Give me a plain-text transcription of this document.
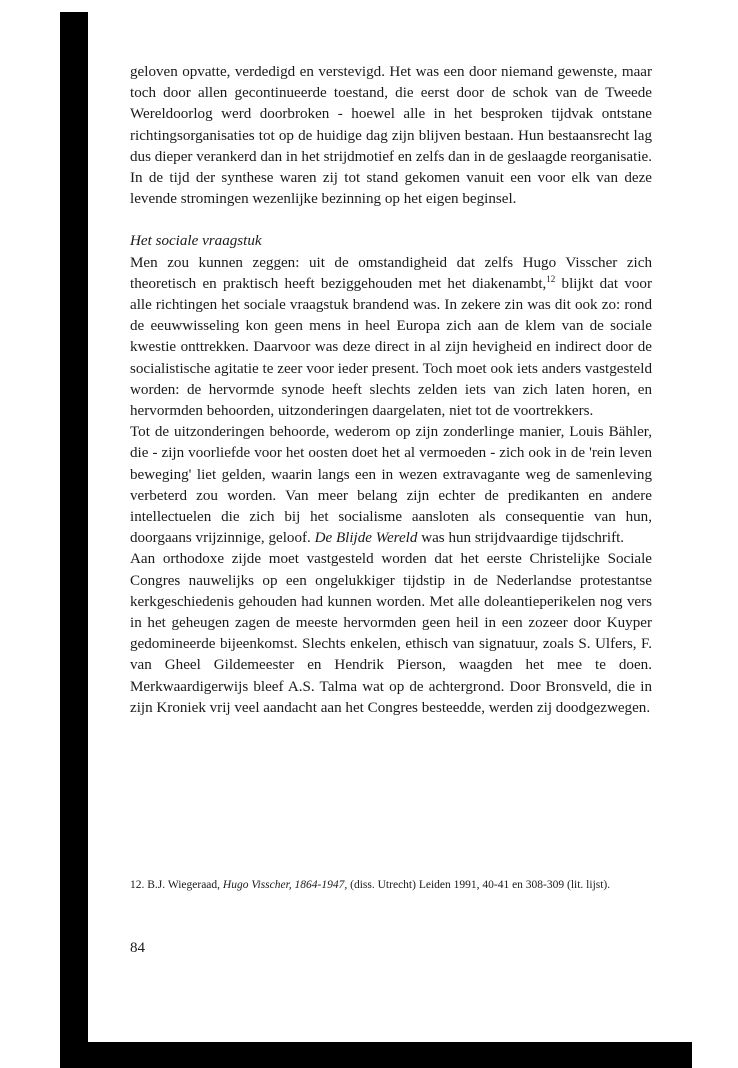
geloven opvatte, verdedigd en verstevigd. Het was een door niemand gewenste, maar toch door allen gecontinueerde toestand, die eerst door de schok van de Tweede Wereldoorlog werd doorbroken - hoewel alle in het besproken tijdvak ontstane richtingsorganisaties tot op de huidige dag zijn blijven bestaan. Hun bestaansrecht lag dus dieper verankerd dan in het strijdmotief en zelfs dan in de geslaagde reorganisatie. In de tijd der synthese waren zij tot stand gekomen vanuit een voor elk van deze levende stromingen wezenlijke bezinning op het eigen beginsel.

Het sociale vraagstuk

Men zou kunnen zeggen: uit de omstandigheid dat zelfs Hugo Visscher zich theoretisch en praktisch heeft beziggehouden met het diakenambt,$^{12}$ blijkt dat voor alle richtingen het sociale vraagstuk brandend was. In zekere zin was dit ook zo: rond de eeuwwisseling kon geen mens in heel Europa zich aan de klem van de sociale kwestie onttrekken. Daarvoor was deze direct in al zijn hevigheid en indirect door de socialistische agitatie te zeer voor ieder present. Toch moet ook iets anders vastgesteld worden: de hervormde synode heeft slechts zelden iets van zich laten horen, en hervormden behoorden, uitzonderingen daargelaten, niet tot de voortrekkers.

Tot de uitzonderingen behoorde, wederom op zijn zonderlinge manier, Louis Bähler, die - zijn voorliefde voor het oosten doet het al vermoeden - zich ook in de 'rein leven beweging' liet gelden, waarin langs een in wezen extravagante weg de samenleving verbeterd zou worden. Van meer belang zijn echter de predikanten en andere intellectuelen die zich bij het socialisme aansloten als consequentie van hun, doorgaans vrijzinnige, geloof. De Blijde Wereld was hun strijdvaardige tijdschrift.

Aan orthodoxe zijde moet vastgesteld worden dat het eerste Christelijke Sociale Congres nauwelijks op een ongelukkiger tijdstip in de Nederlandse protestantse kerkgeschiedenis gehouden had kunnen worden. Met alle doleantieperikelen nog vers in het geheugen zagen de meeste hervormden geen heil in een zozeer door Kuyper gedomineerde bijeenkomst. Slechts enkelen, ethisch van signatuur, zoals S. Ulfers, F. van Gheel Gildemeester en Hendrik Pierson, waagden het mee te doen. Merkwaardigerwijs bleef A.S. Talma wat op de achtergrond. Door Bronsveld, die in zijn Kroniek vrij veel aandacht aan het Congres besteedde, werden zij doodgezwegen.

12. B.J. Wiegeraad, Hugo Visscher, 1864-1947, (diss. Utrecht) Leiden 1991, 40-41 en 308-309 (lit. lijst).
84
